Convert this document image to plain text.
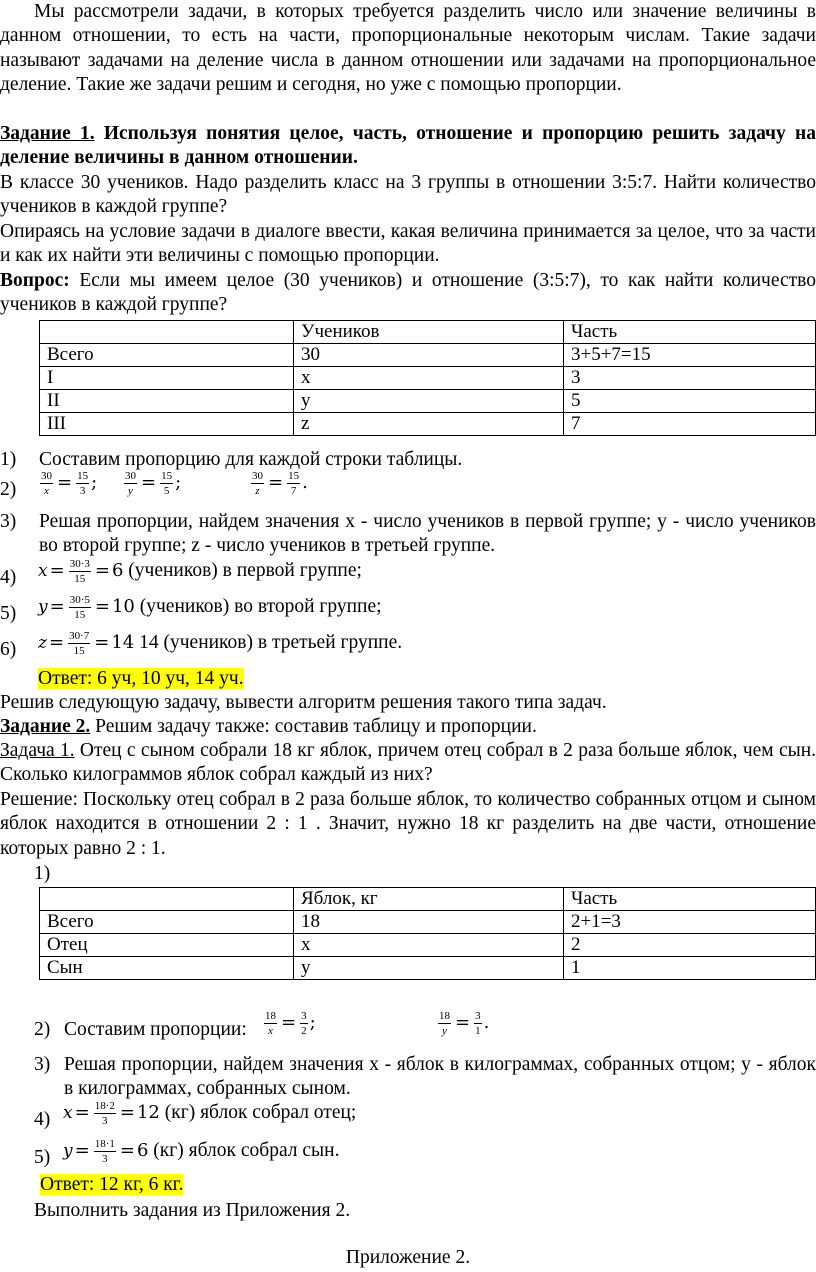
Мы рассмотрели задачи, в которых требуется разделить число или значение величины в данном отношении, то есть на части, пропорциональные некоторым числам. Такие задачи называют задачами на деление числа в данном отношении или задачами на пропорциональное деление. Такие же задачи решим и сегодня, но уже с помощью пропорции.
Задание 1. Используя понятия целое, часть, отношение и пропорцию решить задачу на деление величины в данном отношении.
В классе 30 учеников. Надо разделить класс на 3 группы в отношении 3:5:7. Найти количество учеников в каждой группе?
Опираясь на условие задачи в диалоге ввести, какая величина принимается за целое, что за части и как их найти эти величины с помощью пропорции.
Вопрос: Если мы имеем целое (30 учеников) и отношение (3:5:7), то как найти количество учеников в каждой группе?
	Учеников	Часть
Всего	30	3+5+7=15
I	x	3
II	y	5
III	z	7
1) Составим пропорцию для каждой строки таблицы.
$2) \frac{30}{x} = \frac{15}{3}$ ; $\frac{30}{y} = \frac{15}{5}$ ;	$\frac{30}{z} = \frac{15}{7}$ .
3) Решая пропорции, найдем значения x - число учеников в первой группе; y - число учеников во второй группе; z - число учеников в третьей группе.
4) $x = \frac{30\cdot 3}{15} = 6$ (учеников) в первой группе;
5) $y = \frac{30\cdot 5}{15} = 10$ (учеников) во второй группе;
6) $z = \frac{30\cdot 7}{15} = 14$ 14 (учеников) в третьей группе.
Ответ: 6 уч, 10 уч, 14 уч.
Решив следующую задачу, вывести алгоритм решения такого типа задач.
Задание 2. Решим задачу также: составив таблицу и пропорции.
Задача 1. Отец с сыном собрали 18 кг яблок, причем отец собрал в 2 раза больше яблок, чем сын. Сколько килограммов яблок собрал каждый из них?
Решение: Поскольку отец собрал в 2 раза больше яблок, то количество собранных отцом и сыном яблок находится в отношении 2 : 1 . Значит, нужно 18 кг разделить на две части, отношение которых равно 2 : 1.
1)
	Яблок, кг	Часть
Всего	18	2+1=3
Отец	x	2
Сын	y	1
2) Составим пропорции: $\frac{18}{x} = \frac{3}{2}$ ;	$\frac{18}{y} = \frac{3}{1}$ .
3) Решая пропорции, найдем значения x - яблок в килограммах, собранных отцом; y - яблок в килограммах, собранных сыном.
4) $x = \frac{18\cdot 2}{3} = 12$ (кг) яблок собрал отец;
5) $y = \frac{18\cdot 1}{3} = 6$ (кг) яблок собрал сын.
Ответ: 12 кг, 6 кг.
Выполнить задания из Приложения 2.
Приложение 2.
